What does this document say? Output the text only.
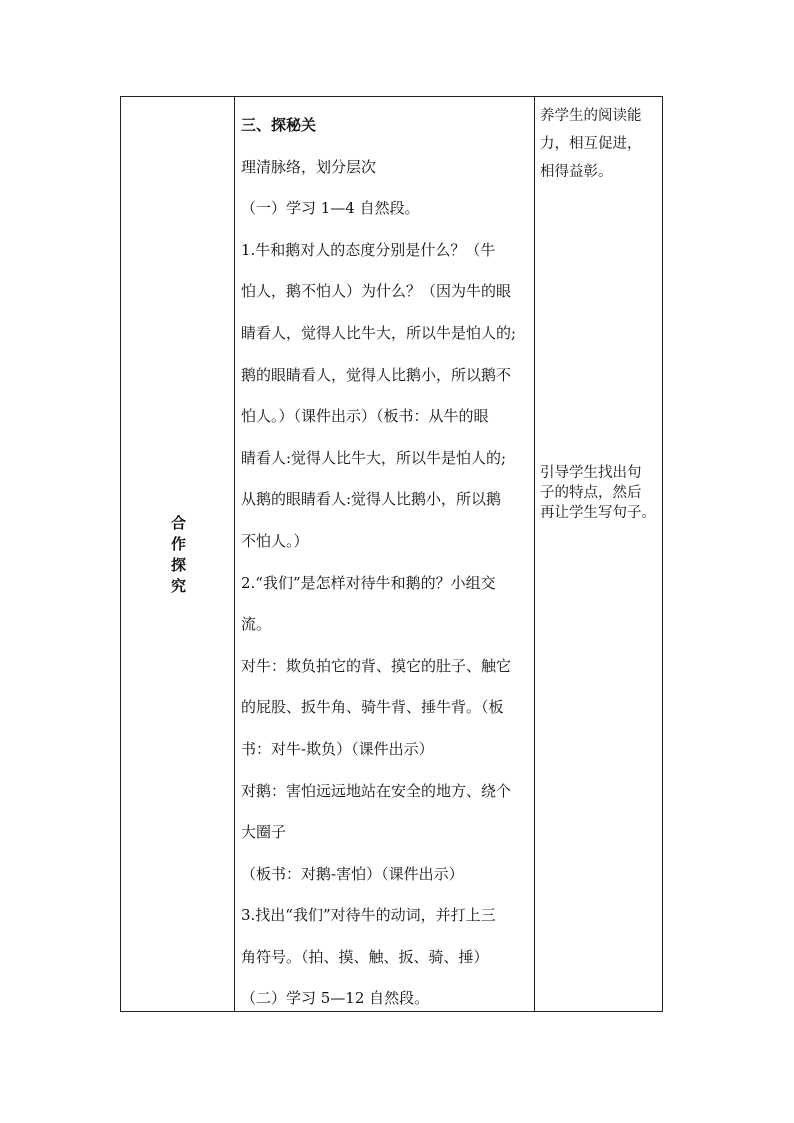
合
作
探
究

三、探秘关

理清脉络，划分层次

（一）学习 1—4 自然段。

1.牛和鹅对人的态度分别是什么？（牛

怕人，鹅不怕人）为什么？（因为牛的眼

睛看人，觉得人比牛大，所以牛是怕人的;

鹅的眼睛看人，觉得人比鹅小，所以鹅不

怕人。）（课件出示）（板书：从牛的眼

睛看人:觉得人比牛大，所以牛是怕人的;

从鹅的眼睛看人:觉得人比鹅小，所以鹅

不怕人。）

2.“我们”是怎样对待牛和鹅的？小组交

流。

对牛：欺负拍它的背、摸它的肚子、触它

的屁股、扳牛角、骑牛背、捶牛背。（板

书：对牛-欺负）（课件出示）

对鹅：害怕远远地站在安全的地方、绕个

大圈子

（板书：对鹅-害怕）（课件出示）

3.找出“我们”对待牛的动词，并打上三

角符号。（拍、摸、触、扳、骑、捶）

（二）学习 5—12 自然段。

养学生的阅读能

力，相互促进，

相得益彰。

引导学生找出句

子的特点，然后

再让学生写句子。
